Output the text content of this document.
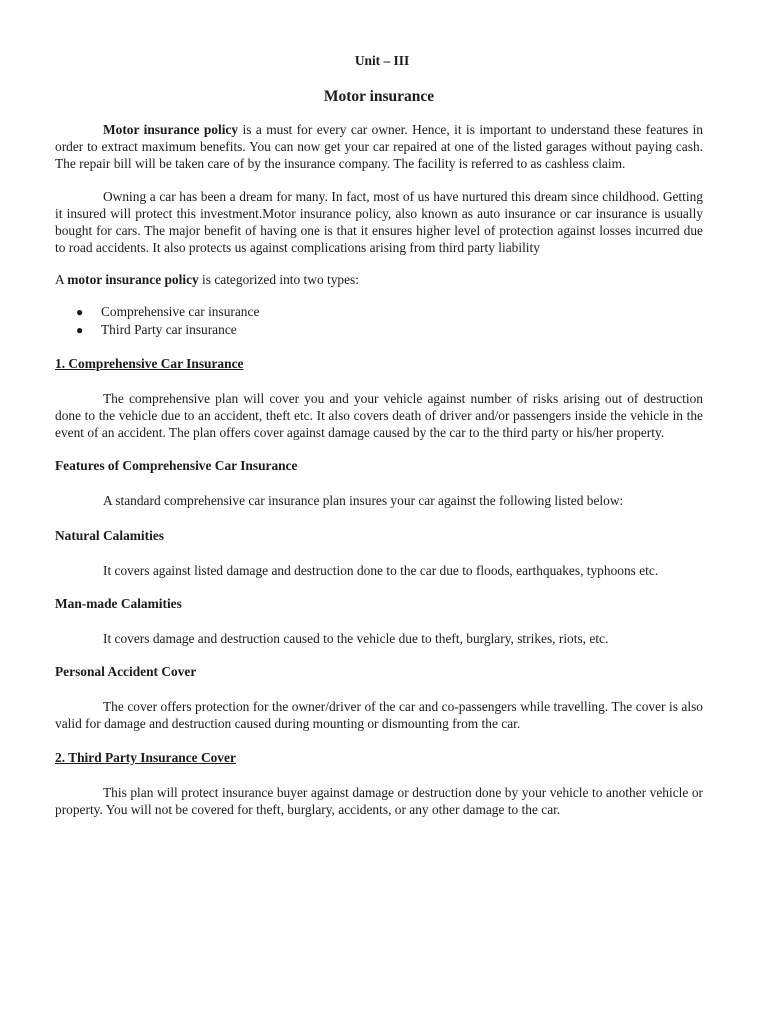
Unit – III

Motor insurance

Motor insurance policy is a must for every car owner. Hence, it is important to understand these features in order to extract maximum benefits. You can now get your car repaired at one of the listed garages without paying cash. The repair bill will be taken care of by the insurance company. The facility is referred to as cashless claim.

Owning a car has been a dream for many. In fact, most of us have nurtured this dream since childhood. Getting it insured will protect this investment.Motor insurance policy, also known as auto insurance or car insurance is usually bought for cars. The major benefit of having one is that it ensures higher level of protection against losses incurred due to road accidents. It also protects us against complications arising from third party liability

A motor insurance policy is categorized into two types:

● Comprehensive car insurance
● Third Party car insurance
1. Comprehensive Car Insurance

The comprehensive plan will cover you and your vehicle against number of risks arising out of destruction done to the vehicle due to an accident, theft etc. It also covers death of driver and/or passengers inside the vehicle in the event of an accident. The plan offers cover against damage caused by the car to the third party or his/her property.

Features of Comprehensive Car Insurance

A standard comprehensive car insurance plan insures your car against the following listed below:

Natural Calamities

It covers against listed damage and destruction done to the car due to floods, earthquakes, typhoons etc.

Man-made Calamities

It covers damage and destruction caused to the vehicle due to theft, burglary, strikes, riots, etc.

Personal Accident Cover

The cover offers protection for the owner/driver of the car and co-passengers while travelling. The cover is also valid for damage and destruction caused during mounting or dismounting from the car.

2. Third Party Insurance Cover

This plan will protect insurance buyer against damage or destruction done by your vehicle to another vehicle or property. You will not be covered for theft, burglary, accidents, or any other damage to the car.
